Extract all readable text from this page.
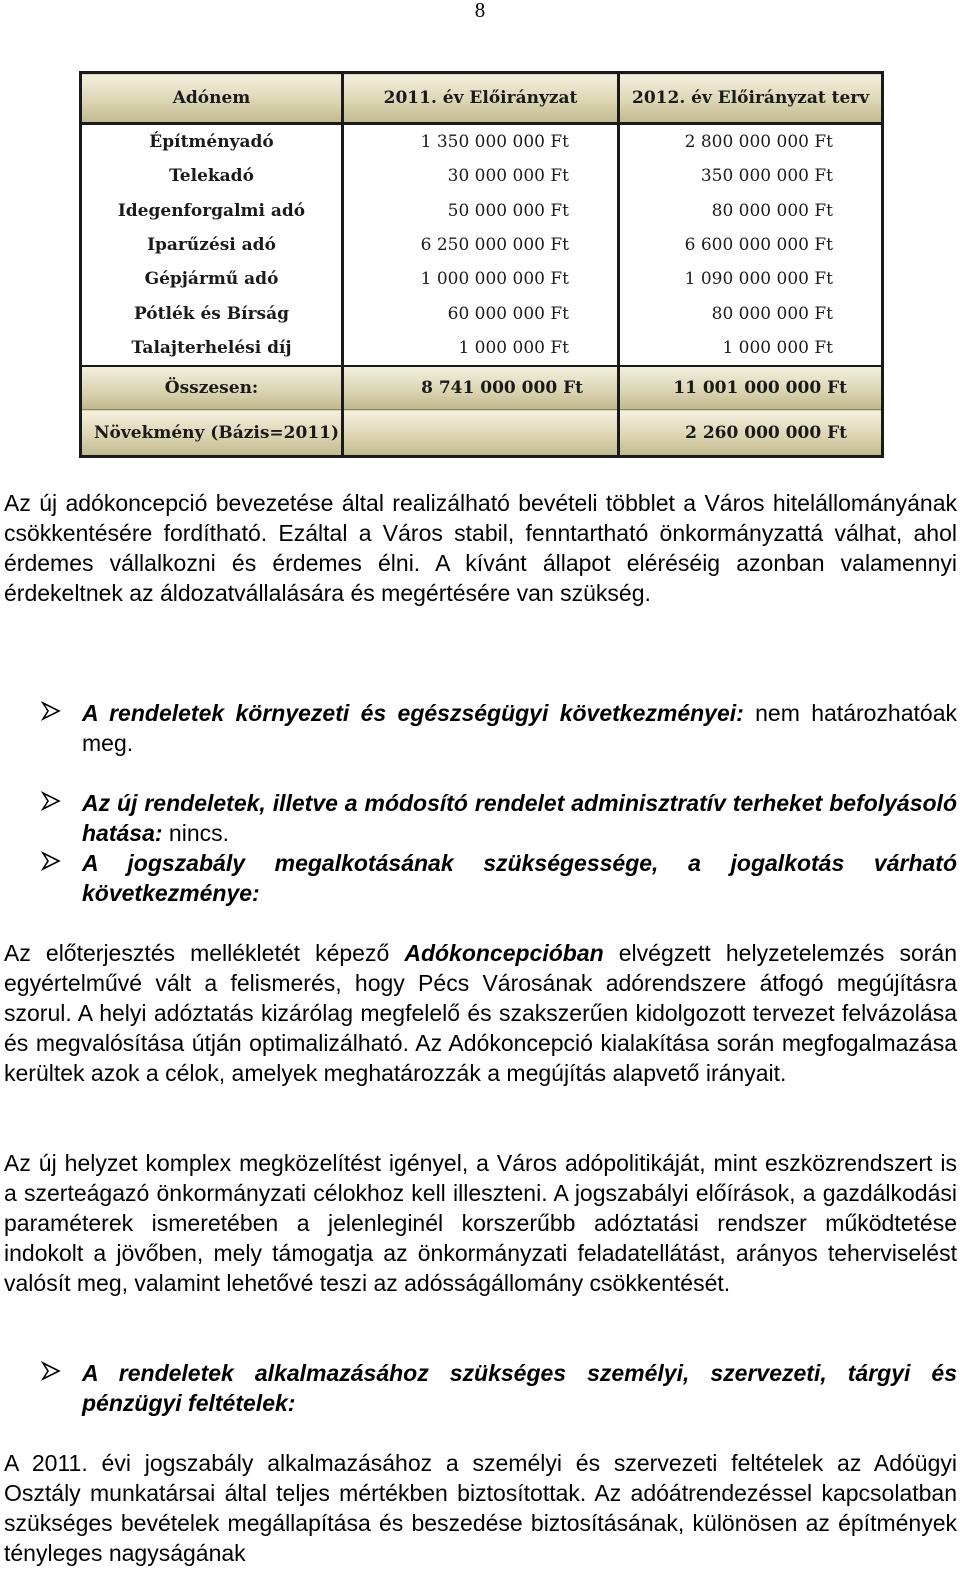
8
Adónem	2011. év Előirányzat	2012. év Előirányzat terv
Építményadó	1 350 000 000 Ft	2 800 000 000 Ft
Telekadó	30 000 000 Ft	350 000 000 Ft
Idegenforgalmi adó	50 000 000 Ft	80 000 000 Ft
Iparűzési adó	6 250 000 000 Ft	6 600 000 000 Ft
Gépjármű adó	1 000 000 000 Ft	1 090 000 000 Ft
Pótlék és Bírság	60 000 000 Ft	80 000 000 Ft
Talajterhelési díj	1 000 000 Ft	1 000 000 Ft
Összesen:	8 741 000 000 Ft	11 001 000 000 Ft
Növekmény (Bázis=2011)		2 260 000 000 Ft

Az új adókoncepció bevezetése által realizálható bevételi többlet a Város hitelállományának csökkentésére fordítható. Ezáltal a Város stabil, fenntartható önkormányzattá válhat, ahol érdemes vállalkozni és érdemes élni. A kívánt állapot eléréséig azonban valamennyi érdekeltnek az áldozatvállalására és megértésére van szükség.

A rendeletek környezeti és egészségügyi következményei: nem határozhatóak meg.
Az új rendeletek, illetve a módosító rendelet adminisztratív terheket befolyásoló hatása: nincs.
A jogszabály megalkotásának szükségessége, a jogalkotás várható következménye:

Az előterjesztés mellékletét képező Adókoncepcióban elvégzett helyzetelemzés során egyértelművé vált a felismerés, hogy Pécs Városának adórendszere átfogó megújításra szorul. A helyi adóztatás kizárólag megfelelő és szakszerűen kidolgozott tervezet felvázolása és megvalósítása útján optimalizálható. Az Adókoncepció kialakítása során megfogalmazása kerültek azok a célok, amelyek meghatározzák a megújítás alapvető irányait.

Az új helyzet komplex megközelítést igényel, a Város adópolitikáját, mint eszközrendszert is a szerteágazó önkormányzati célokhoz kell illeszteni. A jogszabályi előírások, a gazdálkodási paraméterek ismeretében a jelenleginél korszerűbb adóztatási rendszer működtetése indokolt a jövőben, mely támogatja az önkormányzati feladatellátást, arányos teherviselést valósít meg, valamint lehetővé teszi az adósságállomány csökkentését.

A rendeletek alkalmazásához szükséges személyi, szervezeti, tárgyi és pénzügyi feltételek:

A 2011. évi jogszabály alkalmazásához a személyi és szervezeti feltételek az Adóügyi Osztály munkatársai által teljes mértékben biztosítottak. Az adóátrendezéssel kapcsolatban szükséges bevételek megállapítása és beszedése biztosításának, különösen az építmények tényleges nagyságának
